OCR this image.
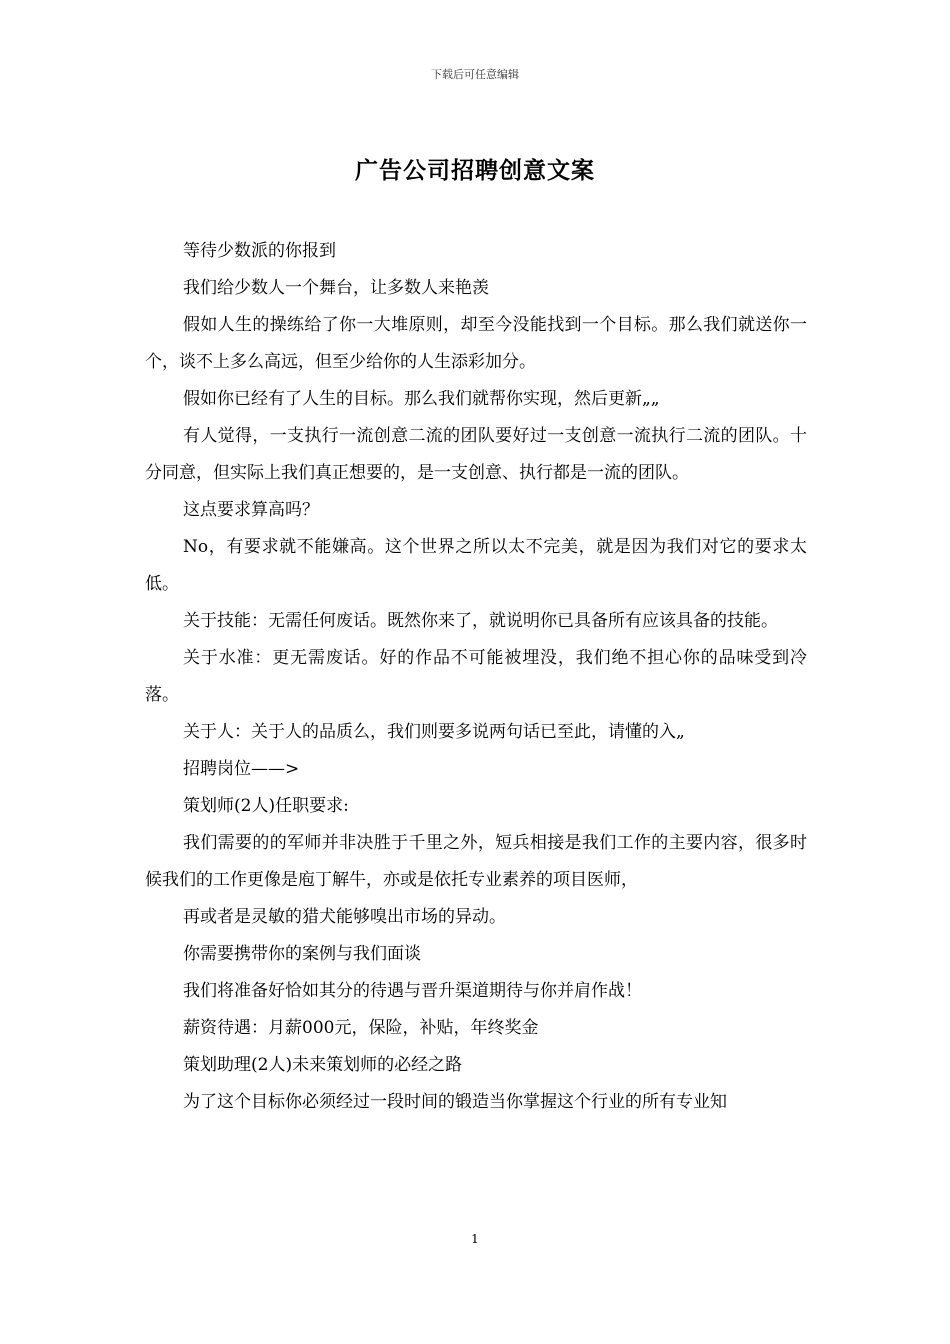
下载后可任意编辑
广告公司招聘创意文案

等待少数派的你报到

我们给少数人一个舞台，让多数人来艳羡

假如人生的操练给了你一大堆原则，却至今没能找到一个目标。那么我们就送你一个，谈不上多么高远，但至少给你的人生添彩加分。

假如你已经有了人生的目标。那么我们就帮你实现，然后更新„„

有人觉得，一支执行一流创意二流的团队要好过一支创意一流执行二流的团队。十分同意，但实际上我们真正想要的，是一支创意、执行都是一流的团队。

这点要求算高吗？

No，有要求就不能嫌高。这个世界之所以太不完美，就是因为我们对它的要求太低。

关于技能：无需任何废话。既然你来了，就说明你已具备所有应该具备的技能。

关于水准：更无需废话。好的作品不可能被埋没，我们绝不担心你的品味受到冷落。

关于人：关于人的品质么，我们则要多说两句话已至此，请懂的入„

招聘岗位——>

策划师(2人)任职要求:

我们需要的的军师并非决胜于千里之外，短兵相接是我们工作的主要内容，很多时候我们的工作更像是庖丁解牛，亦或是依托专业素养的项目医师，

再或者是灵敏的猎犬能够嗅出市场的异动。

你需要携带你的案例与我们面谈

我们将准备好恰如其分的待遇与晋升渠道期待与你并肩作战！

薪资待遇：月薪000元，保险，补贴，年终奖金

策划助理(2人)未来策划师的必经之路

为了这个目标你必须经过一段时间的锻造当你掌握这个行业的所有专业知

1
